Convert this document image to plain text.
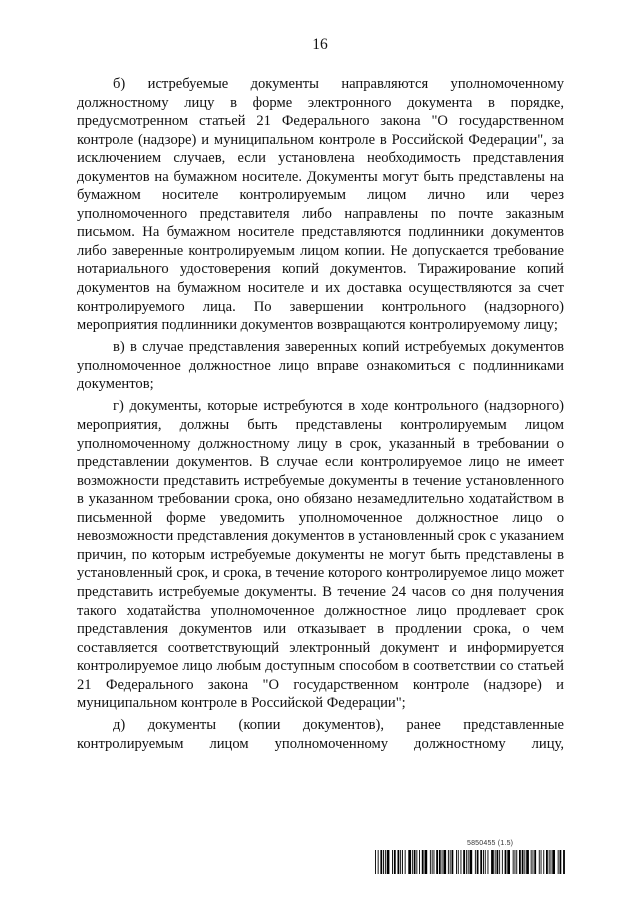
16

б) истребуемые документы направляются уполномоченному должностному лицу в форме электронного документа в порядке, предусмотренном статьей 21 Федерального закона "О государственном контроле (надзоре) и муниципальном контроле в Российской Федерации", за исключением случаев, если установлена необходимость представления документов на бумажном носителе. Документы могут быть представлены на бумажном носителе контролируемым лицом лично или через уполномоченного представителя либо направлены по почте заказным письмом. На бумажном носителе представляются подлинники документов либо заверенные контролируемым лицом копии. Не допускается требование нотариального удостоверения копий документов. Тиражирование копий документов на бумажном носителе и их доставка осуществляются за счет контролируемого лица. По завершении контрольного (надзорного) мероприятия подлинники документов возвращаются контролируемому лицу;

в) в случае представления заверенных копий истребуемых документов уполномоченное должностное лицо вправе ознакомиться с подлинниками документов;

г) документы, которые истребуются в ходе контрольного (надзорного) мероприятия, должны быть представлены контролируемым лицом уполномоченному должностному лицу в срок, указанный в требовании о представлении документов. В случае если контролируемое лицо не имеет возможности представить истребуемые документы в течение установленного в указанном требовании срока, оно обязано незамедлительно ходатайством в письменной форме уведомить уполномоченное должностное лицо о невозможности представления документов в установленный срок с указанием причин, по которым истребуемые документы не могут быть представлены в установленный срок, и срока, в течение которого контролируемое лицо может представить истребуемые документы. В течение 24 часов со дня получения такого ходатайства уполномоченное должностное лицо продлевает срок представления документов или отказывает в продлении срока, о чем составляется соответствующий электронный документ и информируется контролируемое лицо любым доступным способом в соответствии со статьей 21 Федерального закона "О государственном контроле (надзоре) и муниципальном контроле в Российской Федерации";

д) документы (копии документов), ранее представленные контролируемым лицом уполномоченному должностному лицу,

5850455 (1.5)
